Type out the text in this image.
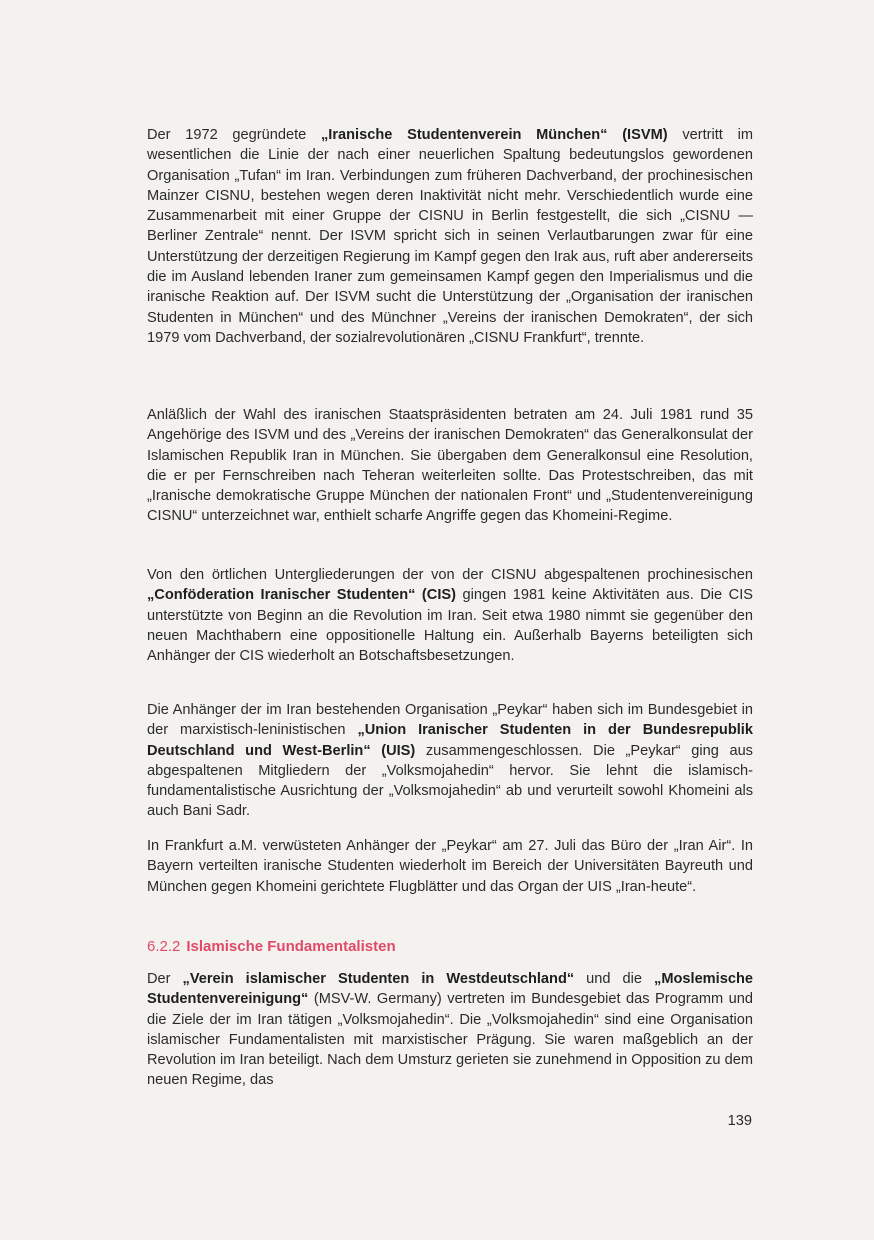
Der 1972 gegründete „Iranische Studentenverein München“ (ISVM) vertritt im wesentlichen die Linie der nach einer neuerlichen Spaltung bedeutungslos gewordenen Organisation „Tufan“ im Iran. Verbindungen zum früheren Dachverband, der prochinesischen Mainzer CISNU, bestehen wegen deren Inaktivität nicht mehr. Verschiedentlich wurde eine Zusammenarbeit mit einer Gruppe der CISNU in Berlin festgestellt, die sich „CISNU — Berliner Zentrale“ nennt. Der ISVM spricht sich in seinen Verlautbarungen zwar für eine Unterstützung der derzeitigen Regierung im Kampf gegen den Irak aus, ruft aber andererseits die im Ausland lebenden Iraner zum gemeinsamen Kampf gegen den Imperialismus und die iranische Reaktion auf. Der ISVM sucht die Unterstützung der „Organisation der iranischen Studenten in München“ und des Münchner „Vereins der iranischen Demokraten“, der sich 1979 vom Dachverband, der sozialrevolutionären „CISNU Frankfurt“, trennte.

Anläßlich der Wahl des iranischen Staatspräsidenten betraten am 24. Juli 1981 rund 35 Angehörige des ISVM und des „Vereins der iranischen Demokraten“ das Generalkonsulat der Islamischen Republik Iran in München. Sie übergaben dem Generalkonsul eine Resolution, die er per Fernschreiben nach Teheran weiterleiten sollte. Das Protestschreiben, das mit „Iranische demokratische Gruppe München der nationalen Front“ und „Studentenvereinigung CISNU“ unterzeichnet war, enthielt scharfe Angriffe gegen das Khomeini-Regime.

Von den örtlichen Untergliederungen der von der CISNU abgespaltenen prochinesischen „Conföderation Iranischer Studenten“ (CIS) gingen 1981 keine Aktivitäten aus. Die CIS unterstützte von Beginn an die Revolution im Iran. Seit etwa 1980 nimmt sie gegenüber den neuen Machthabern eine oppositionelle Haltung ein. Außerhalb Bayerns beteiligten sich Anhänger der CIS wiederholt an Botschaftsbesetzungen.

Die Anhänger der im Iran bestehenden Organisation „Peykar“ haben sich im Bundesgebiet in der marxistisch-leninistischen „Union Iranischer Studenten in der Bundesrepublik Deutschland und West-Berlin“ (UIS) zusammengeschlossen. Die „Peykar“ ging aus abgespaltenen Mitgliedern der „Volksmojahedin“ hervor. Sie lehnt die islamisch-fundamentalistische Ausrichtung der „Volksmojahedin“ ab und verurteilt sowohl Khomeini als auch Bani Sadr.

In Frankfurt a.M. verwüsteten Anhänger der „Peykar“ am 27. Juli das Büro der „Iran Air“. In Bayern verteilten iranische Studenten wiederholt im Bereich der Universitäten Bayreuth und München gegen Khomeini gerichtete Flugblätter und das Organ der UIS „Iran-heute“.

6.2.2 Islamische Fundamentalisten

Der „Verein islamischer Studenten in Westdeutschland“ und die „Moslemische Studentenvereinigung“ (MSV-W. Germany) vertreten im Bundesgebiet das Programm und die Ziele der im Iran tätigen „Volksmojahedin“. Die „Volksmojahedin“ sind eine Organisation islamischer Fundamentalisten mit marxistischer Prägung. Sie waren maßgeblich an der Revolution im Iran beteiligt. Nach dem Umsturz gerieten sie zunehmend in Opposition zu dem neuen Regime, das

139
